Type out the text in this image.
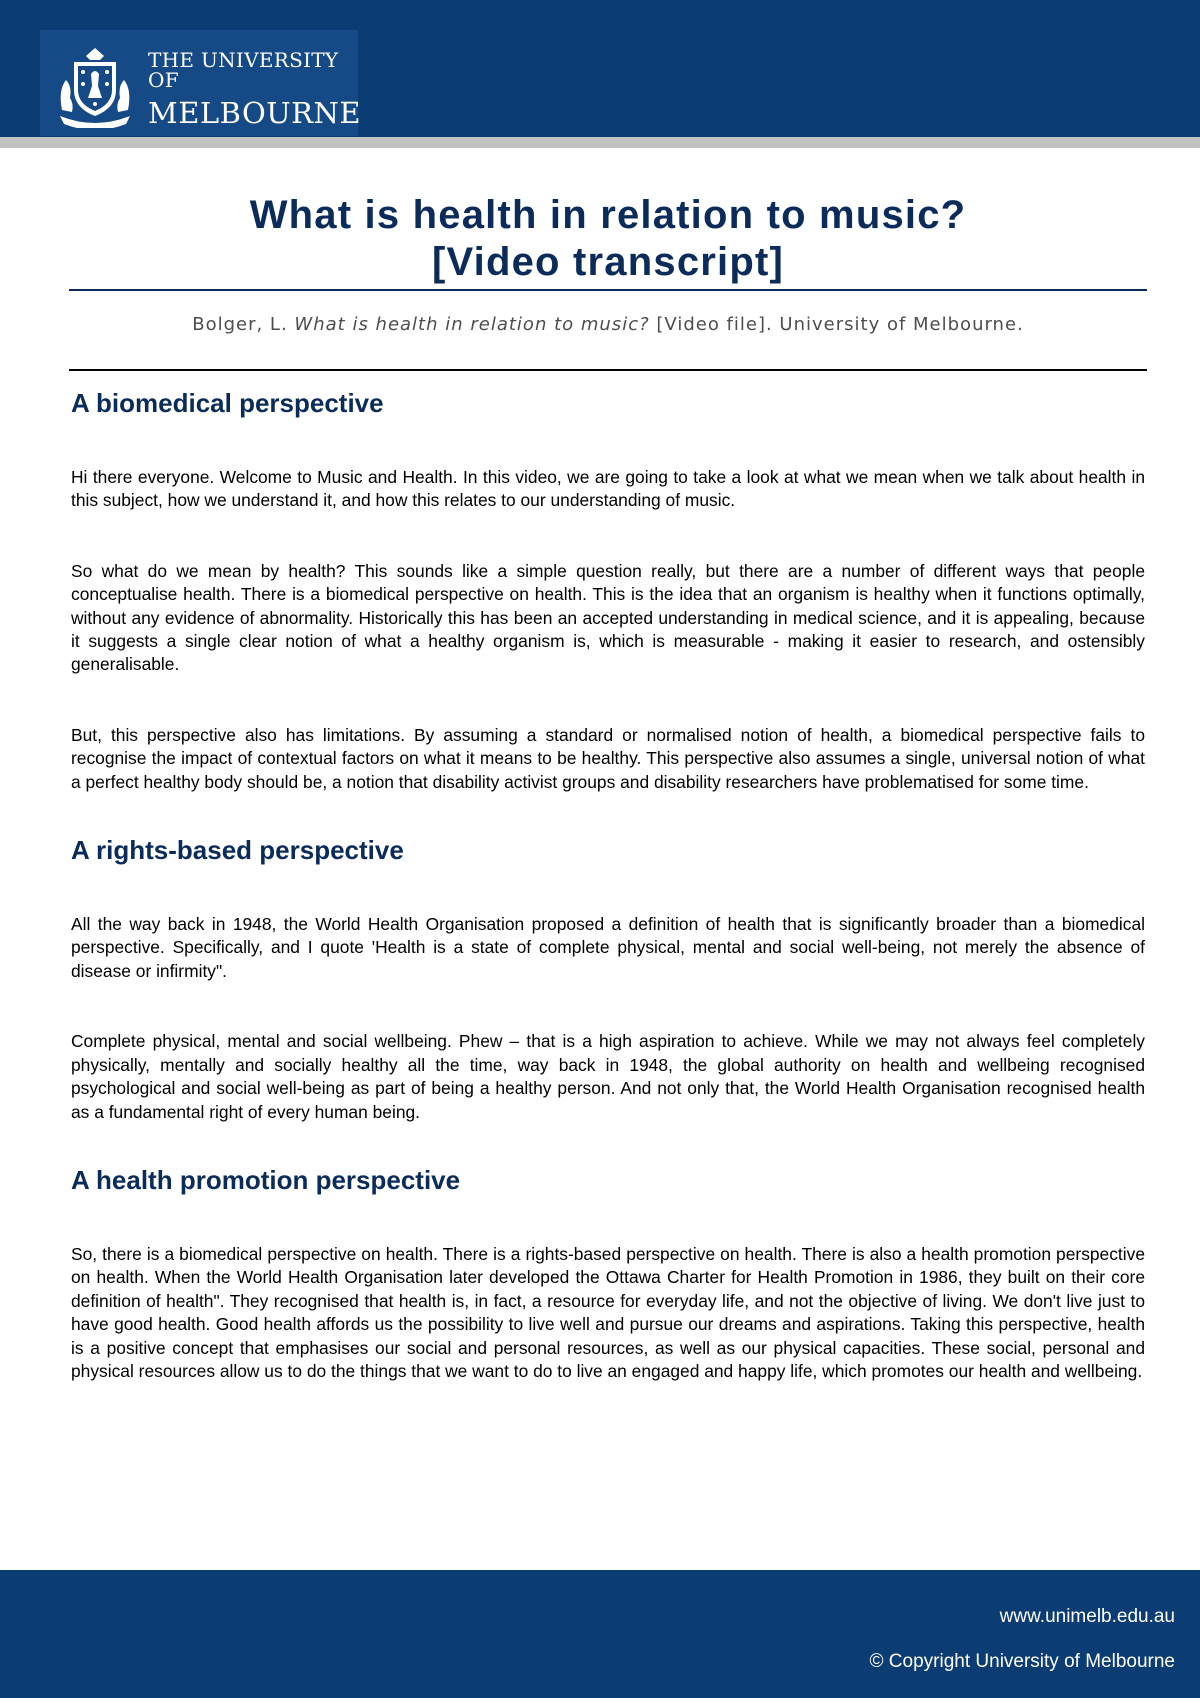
THE UNIVERSITY OF
MELBOURNE
What is health in relation to music?
[Video transcript]
Bolger, L. What is health in relation to music? [Video file]. University of Melbourne.
A biomedical perspective

Hi there everyone. Welcome to Music and Health. In this video, we are going to take a look at what we mean when we talk about health in this subject, how we understand it, and how this relates to our understanding of music.

So what do we mean by health? This sounds like a simple question really, but there are a number of different ways that people conceptualise health. There is a biomedical perspective on health. This is the idea that an organism is healthy when it functions optimally, without any evidence of abnormality. Historically this has been an accepted understanding in medical science, and it is appealing, because it suggests a single clear notion of what a healthy organism is, which is measurable - making it easier to research, and ostensibly generalisable.

But, this perspective also has limitations. By assuming a standard or normalised notion of health, a biomedical perspective fails to recognise the impact of contextual factors on what it means to be healthy. This perspective also assumes a single, universal notion of what a perfect healthy body should be, a notion that disability activist groups and disability researchers have problematised for some time.

A rights-based perspective

All the way back in 1948, the World Health Organisation proposed a definition of health that is significantly broader than a biomedical perspective. Specifically, and I quote 'Health is a state of complete physical, mental and social well-being, not merely the absence of disease or infirmity".

Complete physical, mental and social wellbeing. Phew – that is a high aspiration to achieve. While we may not always feel completely physically, mentally and socially healthy all the time, way back in 1948, the global authority on health and wellbeing recognised psychological and social well-being as part of being a healthy person. And not only that, the World Health Organisation recognised health as a fundamental right of every human being.

A health promotion perspective

So, there is a biomedical perspective on health. There is a rights-based perspective on health. There is also a health promotion perspective on health. When the World Health Organisation later developed the Ottawa Charter for Health Promotion in 1986, they built on their core definition of health". They recognised that health is, in fact, a resource for everyday life, and not the objective of living. We don't live just to have good health. Good health affords us the possibility to live well and pursue our dreams and aspirations. Taking this perspective, health is a positive concept that emphasises our social and personal resources, as well as our physical capacities. These social, personal and physical resources allow us to do the things that we want to do to live an engaged and happy life, which promotes our health and wellbeing.

www.unimelb.edu.au
© Copyright University of Melbourne
